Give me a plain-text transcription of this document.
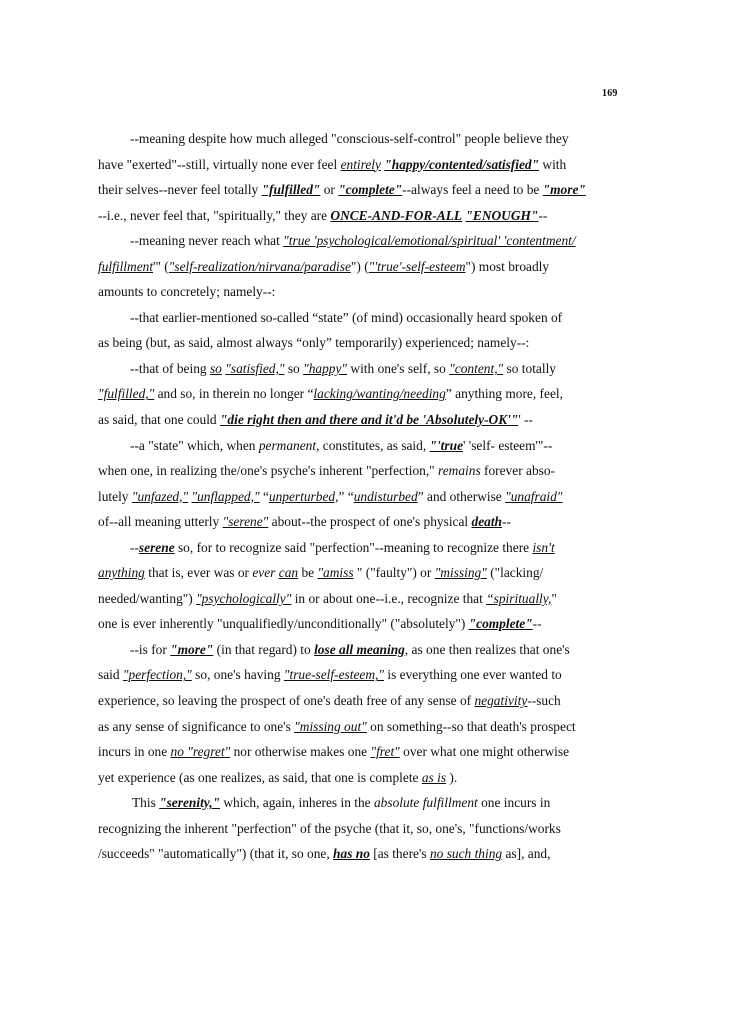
169
--meaning despite how much alleged "conscious-self-control" people believe they
have "exerted"--still, virtually none ever feel entirely "happy/contented/satisfied" with
their selves--never feel totally "fulfilled" or "complete"--always feel a need to be "more"
--i.e., never feel that, "spiritually," they are ONCE-AND-FOR-ALL "ENOUGH"--
--meaning never reach what "true 'psychological/emotional/spiritual' 'contentment/
fulfillment'" ("self-realization/nirvana/paradise") ("'true'-self-esteem") most broadly
amounts to concretely; namely--:
--that earlier-mentioned so-called “state” (of mind) occasionally heard spoken of
as being (but, as said, almost always “only” temporarily) experienced; namely--:
--that of being so "satisfied," so "happy" with one's self, so "content," so totally
"fulfilled," and so, in therein no longer “lacking/wanting/needing” anything more, feel,
as said, that one could "die right then and there and it'd be 'Absolutely-OK'"' --
--a "state" which, when permanent, constitutes, as said, "'true' 'self- esteem'"--
when one, in realizing the/one's psyche's inherent "perfection," remains forever abso-
lutely "unfazed," "unflapped," “unperturbed,” “undisturbed” and otherwise "unafraid"
of--all meaning utterly "serene" about--the prospect of one's physical death--
--serene so, for to recognize said "perfection"--meaning to recognize there isn't
anything that is, ever was or ever can be "amiss " ("faulty") or "missing" ("lacking/
needed/wanting") "psychologically" in or about one--i.e., recognize that “spiritually,"
one is ever inherently "unqualifiedly/unconditionally" ("absolutely") "complete"--
--is for "more" (in that regard) to lose all meaning, as one then realizes that one's
said "perfection," so, one's having "true-self-esteem," is everything one ever wanted to
experience, so leaving the prospect of one's death free of any sense of negativity--such
as any sense of significance to one's "missing out" on something--so that death's prospect
incurs in one no "regret" nor otherwise makes one "fret" over what one might otherwise
yet experience (as one realizes, as said, that one is complete as is ).
This "serenity," which, again, inheres in the absolute fulfillment one incurs in
recognizing the inherent "perfection" of the psyche (that it, so, one's, "functions/works
/succeeds" "automatically") (that it, so one, has no [as there's no such thing as], and,
